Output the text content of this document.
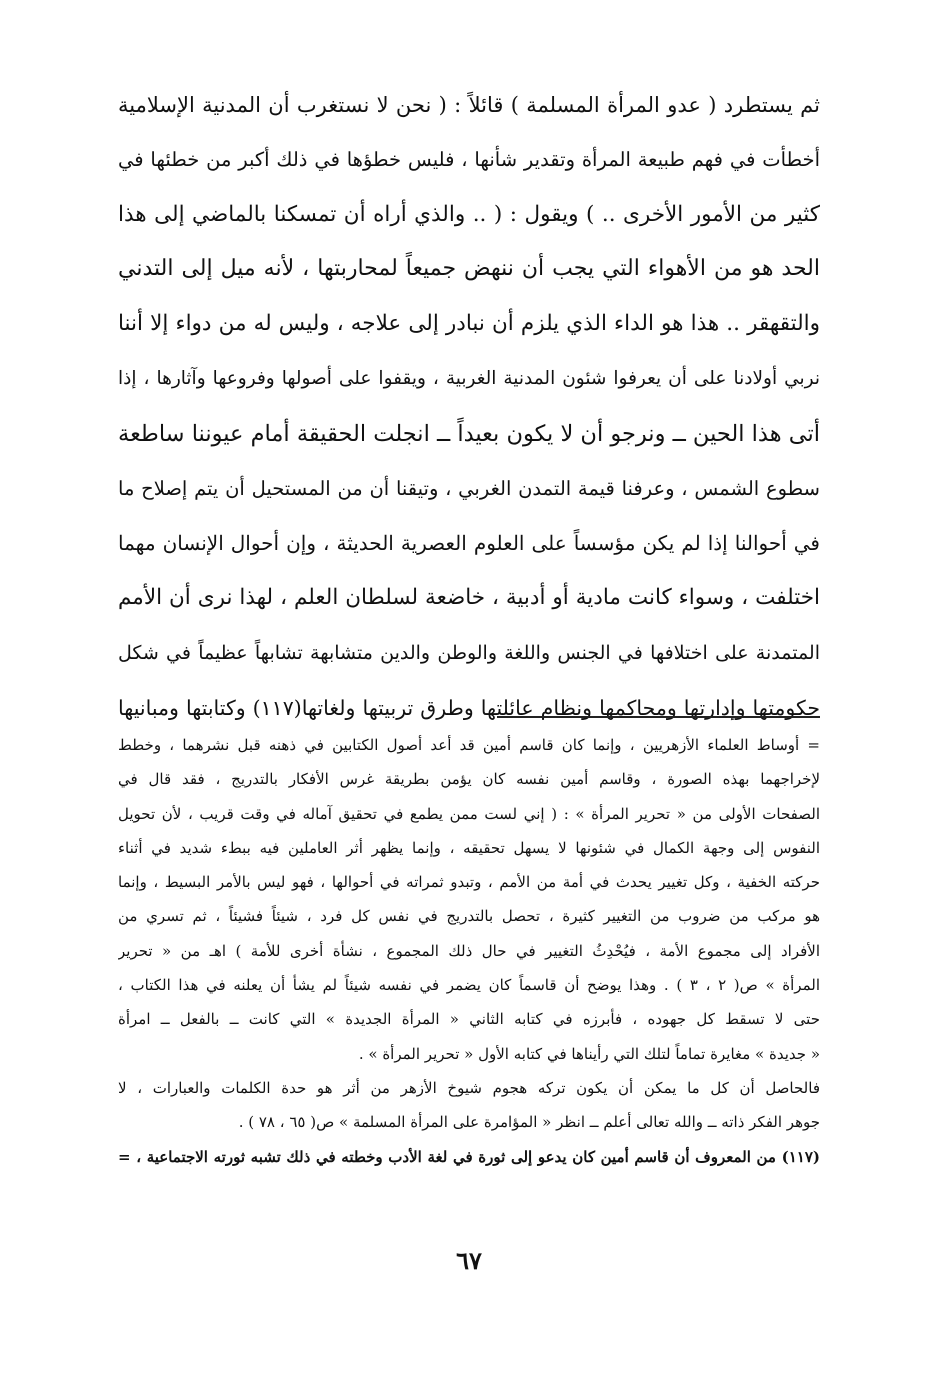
ثم يستطرد ( عدو المرأة المسلمة ) قائلاً : ( نحن لا نستغرب أن المدنية الإسلامية
أخطأت في فهم طبيعة المرأة وتقدير شأنها ، فليس خطؤها في ذلك أكبر من خطئها في
كثير من الأمور الأخرى .. ) ويقول : ( .. والذي أراه أن تمسكنا بالماضي إلى هذا
الحد هو من الأهواء التي يجب أن ننهض جميعاً لمحاربتها ، لأنه ميل إلى التدني
والتقهقر .. هذا هو الداء الذي يلزم أن نبادر إلى علاجه ، وليس له من دواء إلا أننا
نربي أولادنا على أن يعرفوا شئون المدنية الغربية ، ويقفوا على أصولها وفروعها وآثارها ، إذا
أتى هذا الحين ــ ونرجو أن لا يكون بعيداً ــ انجلت الحقيقة أمام عيوننا ساطعة
سطوع الشمس ، وعرفنا قيمة التمدن الغربي ، وتيقنا أن من المستحيل أن يتم إصلاح ما
في أحوالنا إذا لم يكن مؤسساً على العلوم العصرية الحديثة ، وإن أحوال الإنسان مهما
اختلفت ، وسواء كانت مادية أو أدبية ، خاضعة لسلطان العلم ، لهذا نرى أن الأمم
المتمدنة على اختلافها في الجنس واللغة والوطن والدين متشابهة تشابهاً عظيماً في شكل
حكومتها وإدارتها ومحاكمها ونظام عائلتها وطرق تربيتها ولغاتها(١١٧) وكتابتها ومبانيها
= أوساط العلماء الأزهريين ، وإنما كان قاسم أمين قد أعد أصول الكتابين في ذهنه قبل نشرهما ، وخطط
لإخراجهما بهذه الصورة ، وقاسم أمين نفسه كان يؤمن بطريقة غرس الأفكار بالتدريج ، فقد قال في
الصفحات الأولى من « تحرير المرأة » : ( إني لست ممن يطمع في تحقيق آماله في وقت قريب ، لأن تحويل
النفوس إلى وجهة الكمال في شئونها لا يسهل تحقيقه ، وإنما يظهر أثر العاملين فيه ببطء شديد في أثناء
حركته الخفية ، وكل تغيير يحدث في أمة من الأمم ، وتبدو ثمراته في أحوالها ، فهو ليس بالأمر البسيط ، وإنما
هو مركب من ضروب من التغيير كثيرة ، تحصل بالتدريج في نفس كل فرد ، شيئاً فشيئاً ، ثم تسري من
الأفراد إلى مجموع الأمة ، فيُحْدِثُ التغيير في حال ذلك المجموع ، نشأة أخرى للأمة ) اهـ من « تحرير
المرأة » ص( ٢ ، ٣ ) . وهذا يوضح أن قاسماً كان يضمر في نفسه شيئاً لم يشأ أن يعلنه في هذا الكتاب ،
حتى لا تسقط كل جهوده ، فأبرزه في كتابه الثاني « المرأة الجديدة » التي كانت ــ بالفعل ــ امرأة
« جديدة » مغايرة تماماً لتلك التي رأيناها في كتابه الأول « تحرير المرأة » .
فالحاصل أن كل ما يمكن أن يكون تركه هجوم شيوخ الأزهر من أثر هو حدة الكلمات والعبارات ، لا
جوهر الفكر ذاته ــ والله تعالى أعلم ــ انظر « المؤامرة على المرأة المسلمة » ص( ٦٥ ، ٧٨ ) .
(١١٧) من المعروف أن قاسم أمين كان يدعو إلى ثورة في لغة الأدب وخطته في ذلك تشبه ثورته الاجتماعية ، =
٦٧
